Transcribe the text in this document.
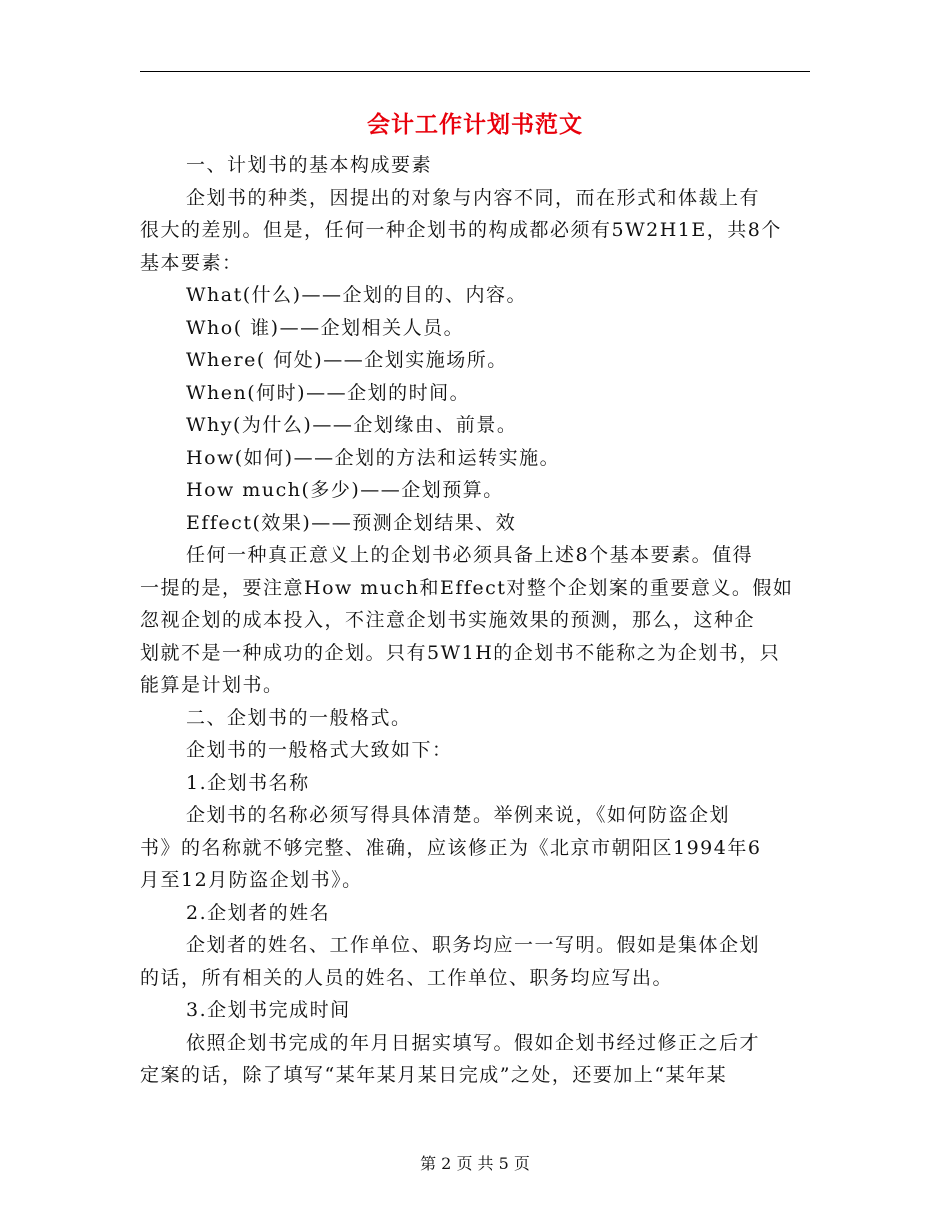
会计工作计划书范文
一、计划书的基本构成要素
企划书的种类，因提出的对象与内容不同，而在形式和体裁上有
很大的差别。但是，任何一种企划书的构成都必须有5W2H1E，共8个
基本要素：
What(什么)——企划的目的、内容。
Who( 谁)——企划相关人员。
Where( 何处)——企划实施场所。
When(何时)——企划的时间。
Why(为什么)——企划缘由、前景。
How(如何)——企划的方法和运转实施。
How much(多少)——企划预算。
Effect(效果)——预测企划结果、效
任何一种真正意义上的企划书必须具备上述8个基本要素。值得
一提的是，要注意How much和Effect对整个企划案的重要意义。假如
忽视企划的成本投入，不注意企划书实施效果的预测，那么，这种企
划就不是一种成功的企划。只有5W1H的企划书不能称之为企划书，只
能算是计划书。
二、企划书的一般格式。
企划书的一般格式大致如下：
1.企划书名称
企划书的名称必须写得具体清楚。举例来说，《如何防盗企划
书》的名称就不够完整、准确，应该修正为《北京市朝阳区1994年6
月至12月防盗企划书》。
2.企划者的姓名
企划者的姓名、工作单位、职务均应一一写明。假如是集体企划
的话，所有相关的人员的姓名、工作单位、职务均应写出。
3.企划书完成时间
依照企划书完成的年月日据实填写。假如企划书经过修正之后才
定案的话，除了填写“某年某月某日完成”之处，还要加上“某年某
第 2 页 共 5 页
